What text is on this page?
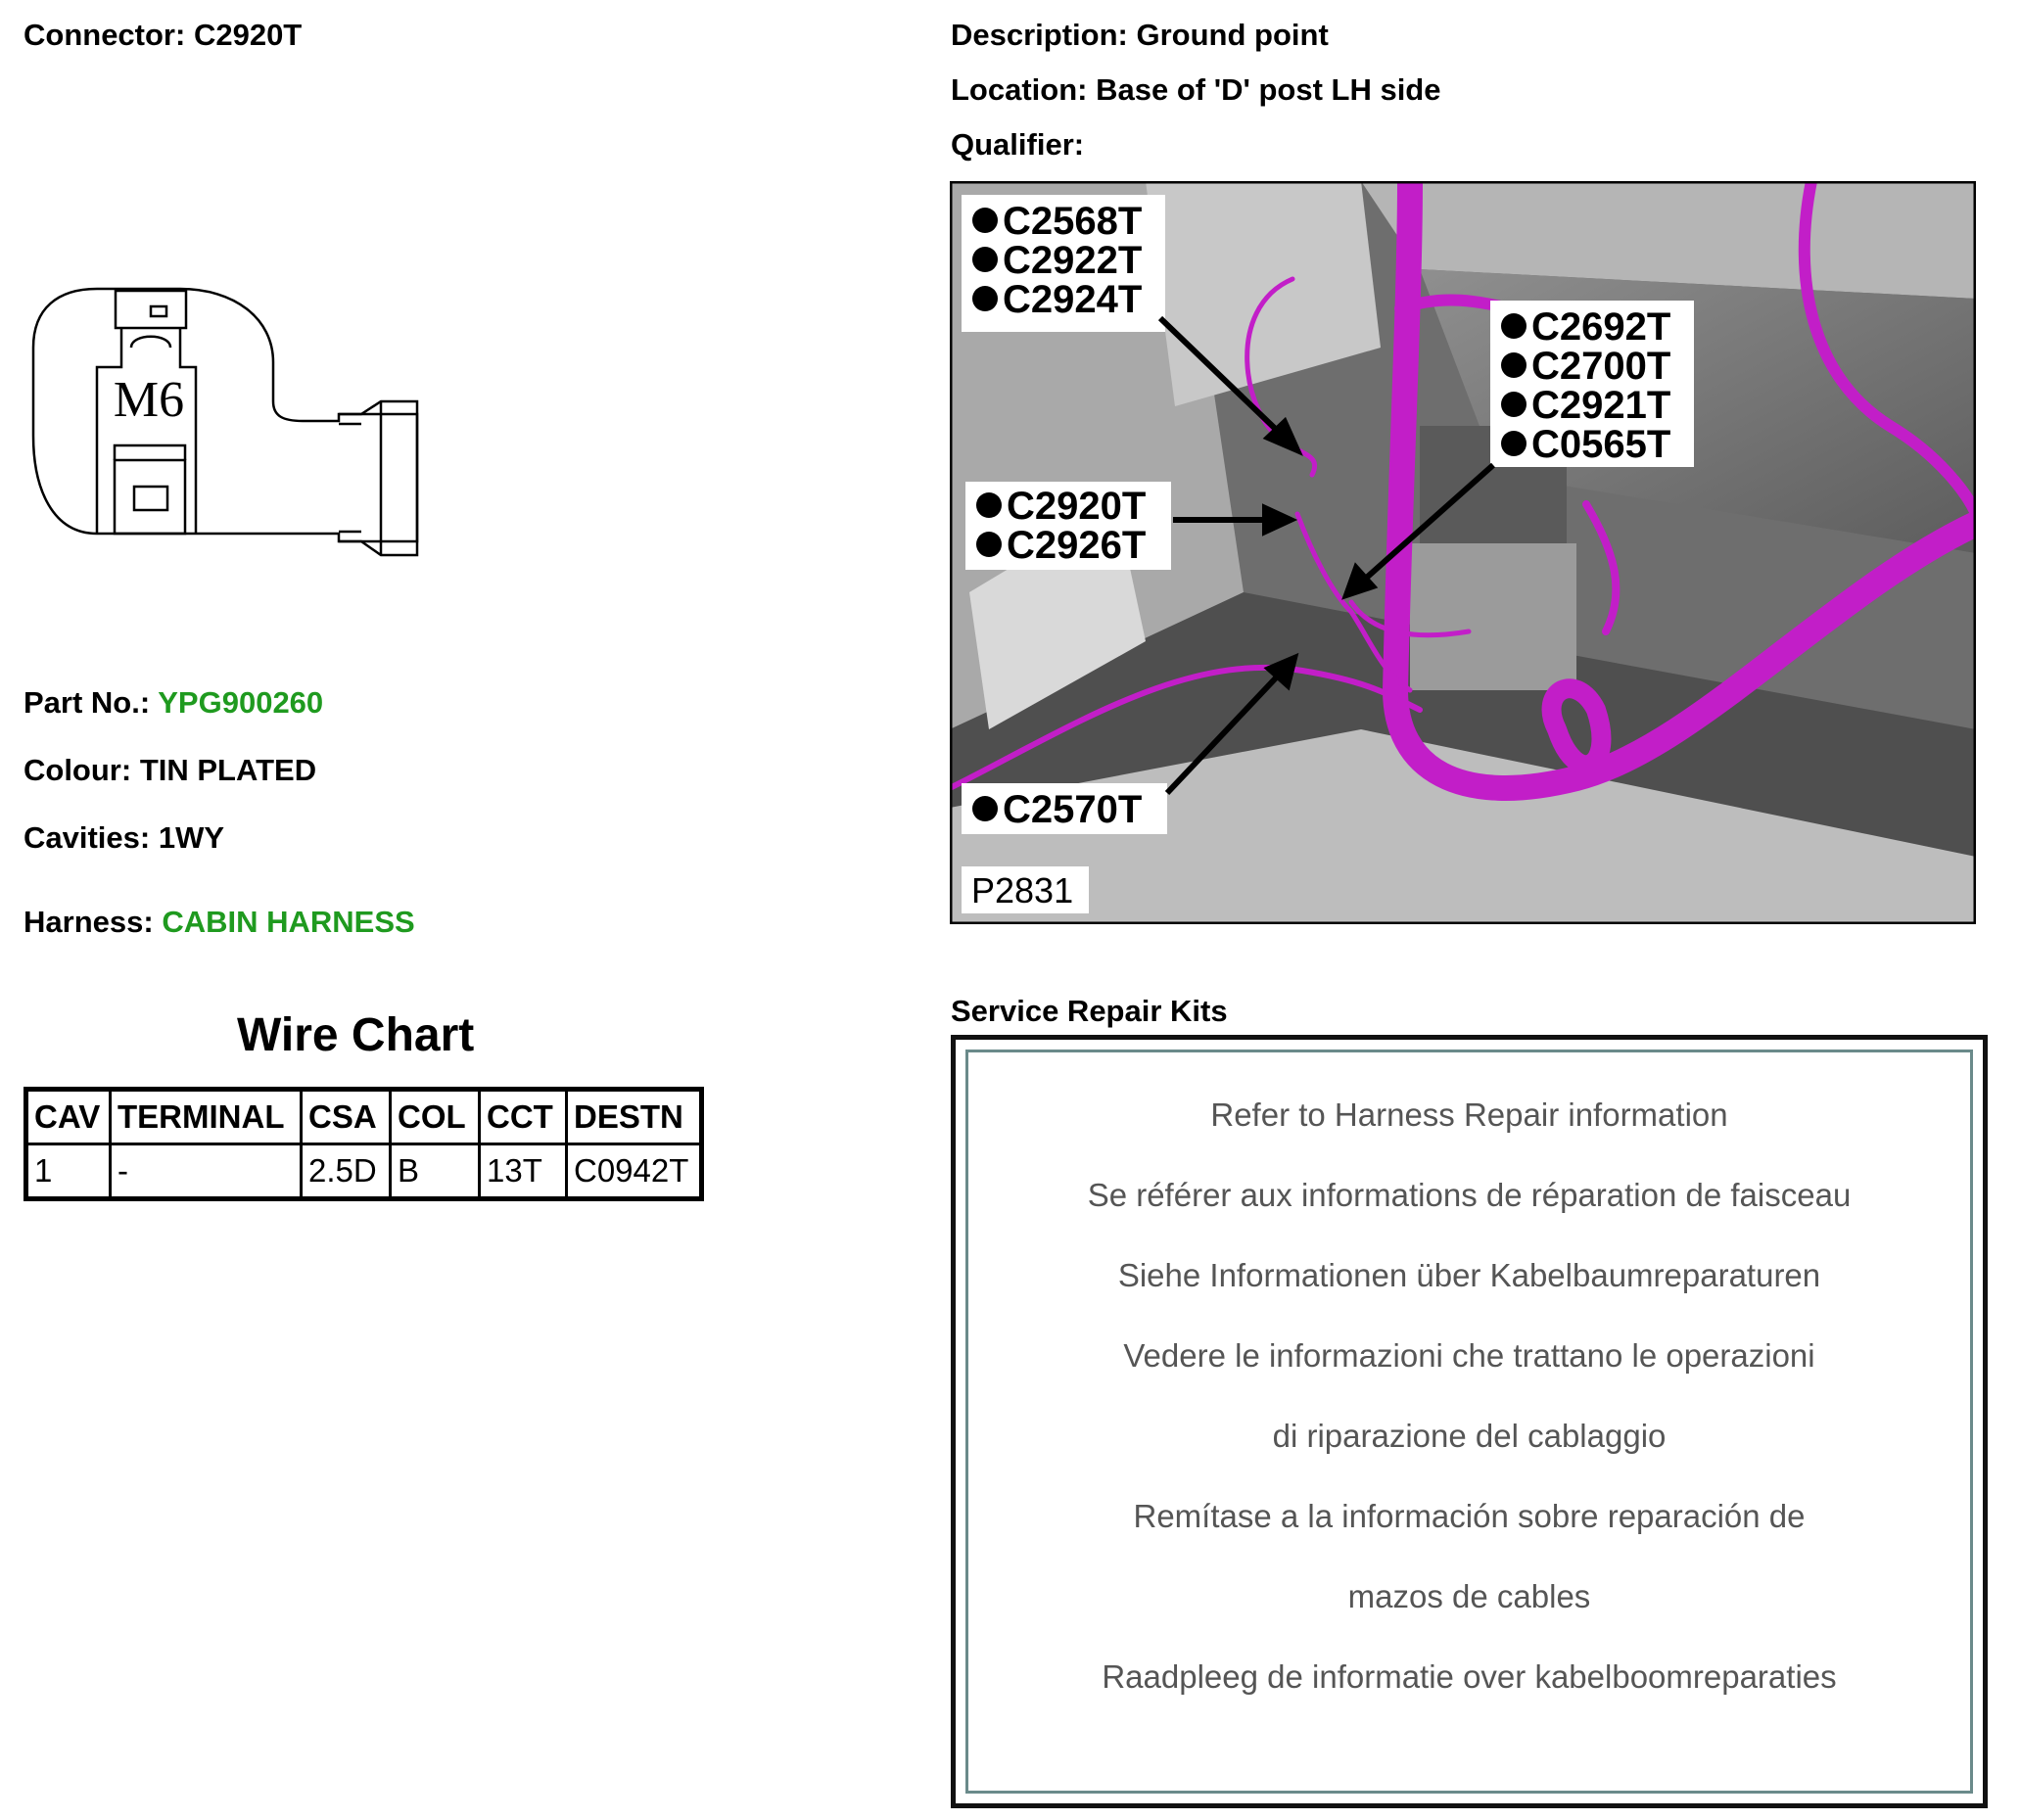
Connector: C2920T
M6
Part No.: YPG900260
Colour: TIN PLATED
Cavities: 1WY
Harness: CABIN HARNESS
Wire Chart
CAV	TERMINAL	CSA	COL	CCT	DESTN
1	-	2.5D	B	13T	C0942T
Description: Ground point
Location: Base of 'D' post LH side
Qualifier:
C2568T
C2922T
C2924T
C2692T
C2700T
C2921T
C0565T
C2920T
C2926T
C2570T
P2831
Service Repair Kits
Refer to Harness Repair information
Se référer aux informations de réparation de faisceau
Siehe Informationen über Kabelbaumreparaturen
Vedere le informazioni che trattano le operazioni
di riparazione del cablaggio
Remítase a la información sobre reparación de
mazos de cables
Raadpleeg de informatie over kabelboomreparaties
